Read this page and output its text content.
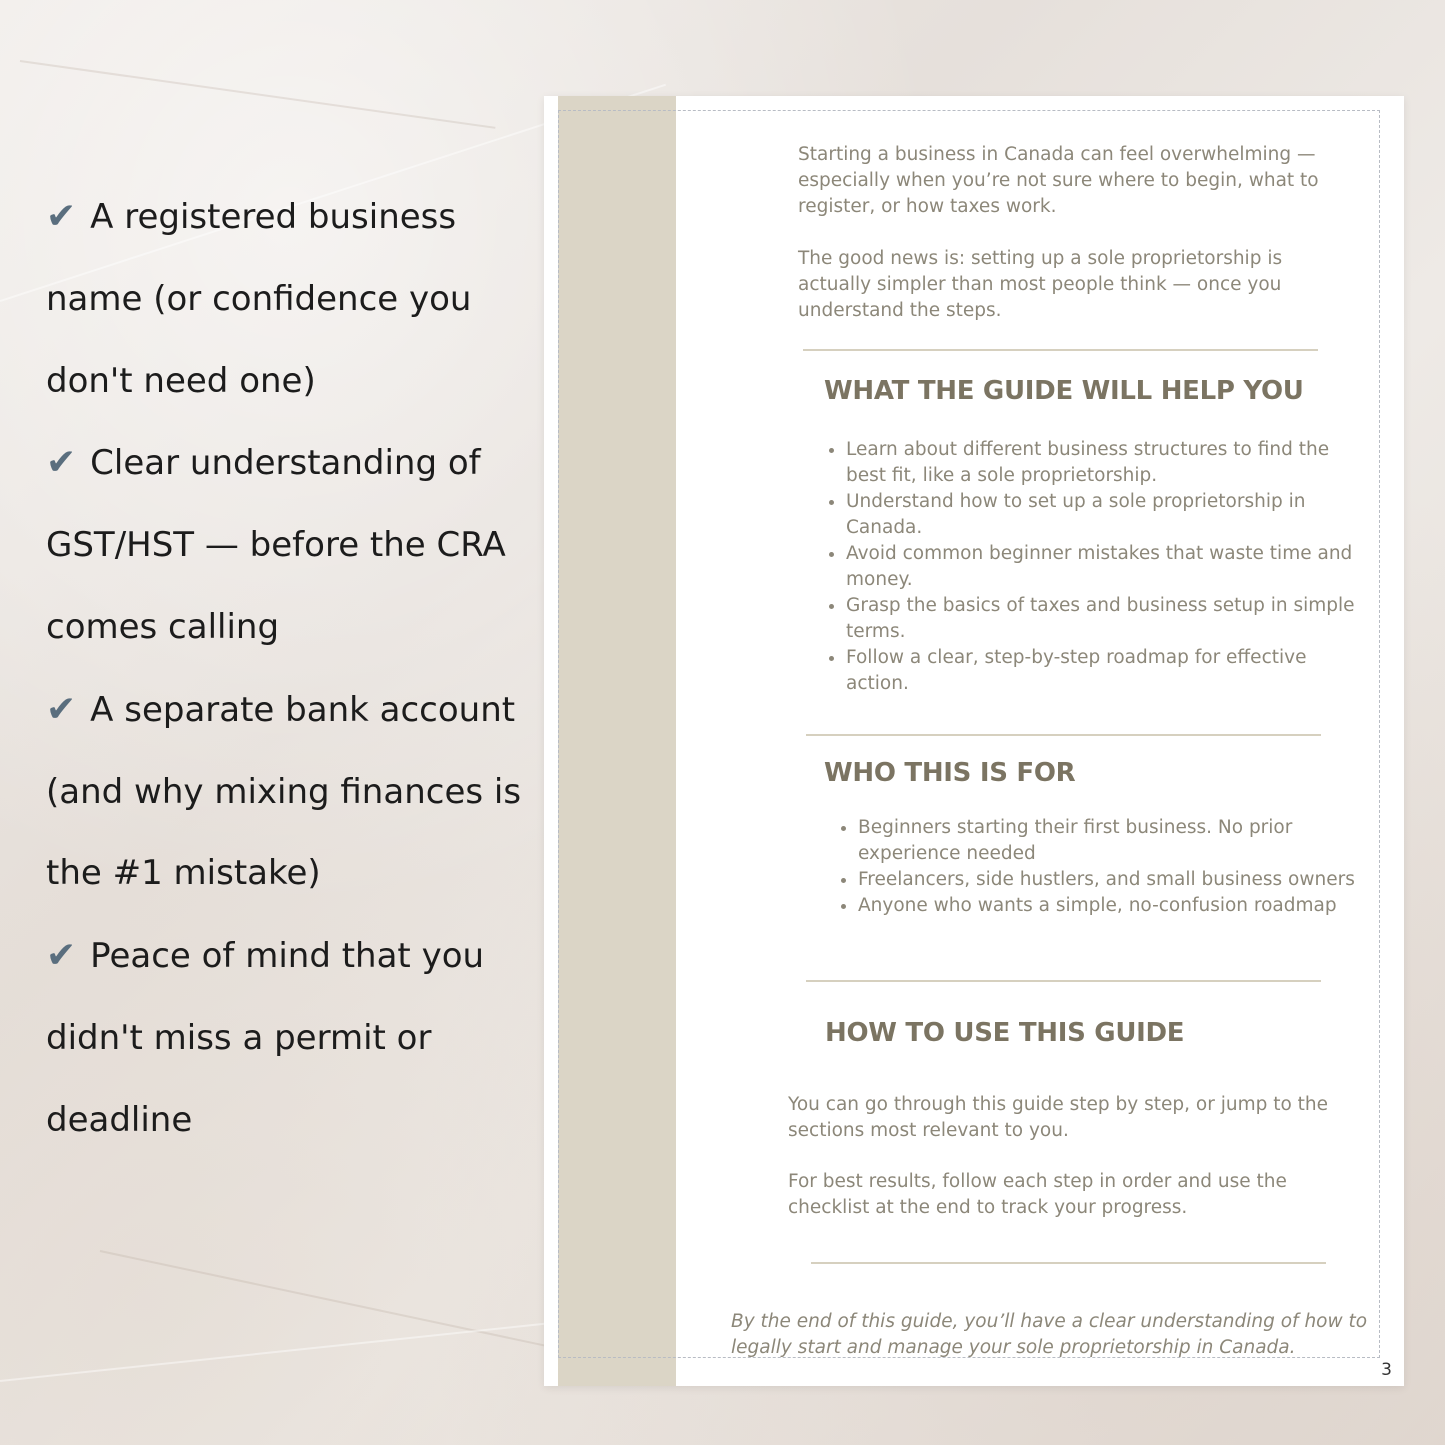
✔ A registered business name (or confidence you don't need one)
✔ Clear understanding of GST/HST — before the CRA comes calling
✔ A separate bank account (and why mixing finances is the #1 mistake)
✔ Peace of mind that you didn't miss a permit or deadline

Starting a business in Canada can feel overwhelming — especially when you’re not sure where to begin, what to register, or how taxes work.

The good news is: setting up a sole proprietorship is actually simpler than most people think — once you understand the steps.

WHAT THE GUIDE WILL HELP YOU
• Learn about different business structures to find the best fit, like a sole proprietorship.
• Understand how to set up a sole proprietorship in Canada.
• Avoid common beginner mistakes that waste time and money.
• Grasp the basics of taxes and business setup in simple terms.
• Follow a clear, step-by-step roadmap for effective action.
WHO THIS IS FOR
• Beginners starting their first business. No prior experience needed
• Freelancers, side hustlers, and small business owners
• Anyone who wants a simple, no-confusion roadmap
HOW TO USE THIS GUIDE

You can go through this guide step by step, or jump to the sections most relevant to you.

For best results, follow each step in order and use the checklist at the end to track your progress.

By the end of this guide, you’ll have a clear understanding of how to legally start and manage your sole proprietorship in Canada.

3
